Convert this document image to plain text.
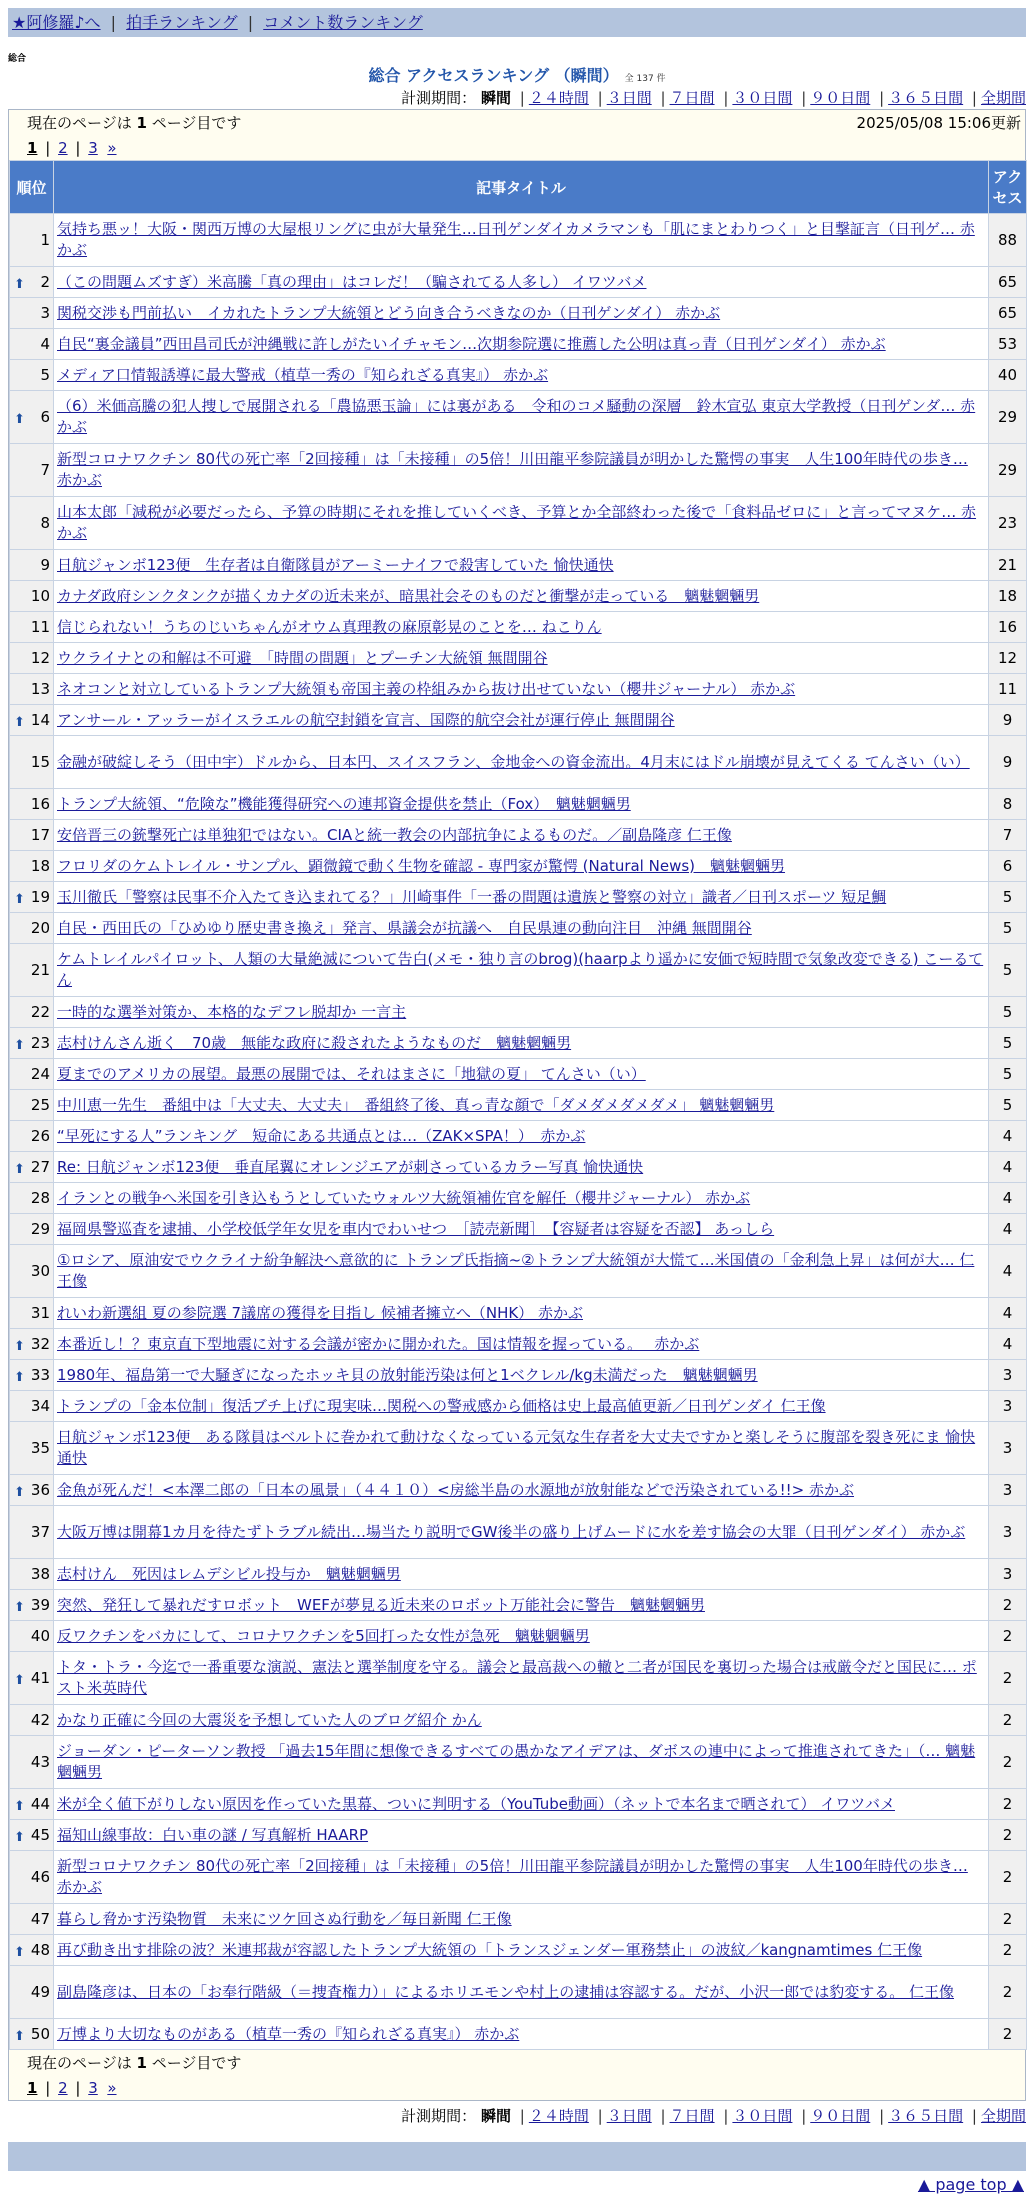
★阿修羅♪へ | 拍手ランキング | コメント数ランキング
総合
総合 アクセスランキング （瞬間） 全 137 件
計測期間： 瞬間 | ２４時間 | ３日間 | ７日間 | ３０日間 | ９０日間 | ３６５日間 | 全期間
現在のページは 1 ページ目です	2025/05/08 15:06更新
1 | 2 | 3 »
順位	記事タイトル	アクセス
1	気持ち悪ッ！大阪・関西万博の大屋根リングに虫が大量発生…日刊ゲンダイカメラマンも「肌にまとわりつく」と目撃証言（日刊ゲ… 赤かぶ	88

⬆ 2	（この問題ムズすぎ）米高騰「真の理由」はコレだ！（騙されてる人多し） イワツバメ	65
3	関税交渉も門前払い　イカれたトランプ大統領とどう向き合うべきなのか（日刊ゲンダイ） 赤かぶ	65
4	自民“裏金議員”西田昌司氏が沖縄戦に許しがたいイチャモン…次期参院選に推薦した公明は真っ青（日刊ゲンダイ） 赤かぶ	53
5	メディア口情報誘導に最大警戒（植草一秀の『知られざる真実』） 赤かぶ	40

⬆ 6	（6）米価高騰の犯人捜しで展開される「農協悪玉論」には裏がある　令和のコメ騒動の深層　鈴木宣弘 東京大学教授（日刊ゲンダ… 赤かぶ	29
7	新型コロナワクチン 80代の死亡率「2回接種」は「未接種」の5倍！川田龍平参院議員が明かした驚愕の事実　人生100年時代の歩き… 赤かぶ	29
8	山本太郎「減税が必要だったら、予算の時期にそれを推していくべき、予算とか全部終わった後で「食料品ゼロに」と言ってマヌケ… 赤かぶ	23
9	日航ジャンボ123便　生存者は自衛隊員がアーミーナイフで殺害していた 愉快通快	21
10	カナダ政府シンクタンクが描くカナダの近未来が、暗黒社会そのものだと衝撃が走っている　魑魅魍魎男	18
11	信じられない！うちのじいちゃんがオウム真理教の麻原彰晃のことを… ねこりん	16
12	ウクライナとの和解は不可避　「時間の問題」とプーチン大統領 無間開谷	12
13	ネオコンと対立しているトランプ大統領も帝国主義の枠組みから抜け出せていない（櫻井ジャーナル） 赤かぶ	11

⬆ 14	アンサール・アッラーがイスラエルの航空封鎖を宣言、国際的航空会社が運行停止 無間開谷	9
15	金融が破綻しそう（田中宇）ドルから、日本円、スイスフラン、金地金への資金流出。4月末にはドル崩壊が見えてくる てんさい（い）	9
16	トランプ大統領、“危険な”機能獲得研究への連邦資金提供を禁止（Fox）　魑魅魍魎男	8
17	安倍晋三の銃撃死亡は単独犯ではない。CIAと統一教会の内部抗争によるものだ。／副島隆彦 仁王像	7
18	フロリダのケムトレイル・サンプル、顕微鏡で動く生物を確認 - 専門家が驚愕 (Natural News)　魑魅魍魎男	6

⬆ 19	玉川徹氏「警察は民事不介入たてき込まれてる？」川崎事件「一番の問題は遺族と警察の対立」識者／日刊スポーツ 短足鯛	5
20	自民・西田氏の「ひめゆり歴史書き換え」発言、県議会が抗議へ　自民県連の動向注目　沖縄 無間開谷	5
21	ケムトレイルパイロット、人類の大量絶滅について告白(メモ・独り言のbrog)(haarpより遥かに安価で短時間で気象改変できる) こーるてん	5
22	一時的な選挙対策か、本格的なデフレ脱却か 一言主	5

⬆ 23	志村けんさん逝く　70歳　無能な政府に殺されたようなものだ　魑魅魍魎男	5
24	夏までのアメリカの展望。最悪の展開では、それはまさに「地獄の夏」 てんさい（い）	5
25	中川恵一先生　番組中は「大丈夫、大丈夫」　番組終了後、真っ青な顔で「ダメダメダメダメ」 魑魅魍魎男	5
26	“早死にする人”ランキング　短命にある共通点とは…（ZAK×SPA！）　赤かぶ	4

⬆ 27	Re: 日航ジャンボ123便　垂直尾翼にオレンジエアが刺さっているカラー写真 愉快通快	4
28	イランとの戦争へ米国を引き込もうとしていたウォルツ大統領補佐官を解任（櫻井ジャーナル） 赤かぶ	4
29	福岡県警巡査を逮捕、小学校低学年女児を車内でわいせつ　［読売新聞］　【容疑者は容疑を否認】 あっしら	4
30	①ロシア、原油安でウクライナ紛争解決へ意欲的に トランプ氏指摘~②トランプ大統領が大慌て…米国債の「金利急上昇」は何が大… 仁王像	4
31	れいわ新選組 夏の参院選 7議席の獲得を目指し 候補者擁立へ（NHK） 赤かぶ	4

⬆ 32	本番近し！？東京直下型地震に対する会議が密かに開かれた。国は情報を握っている。　 赤かぶ	4

⬆ 33	1980年、福島第一で大騒ぎになったホッキ貝の放射能汚染は何と1ベクレル/kg未満だった　魑魅魍魎男	3
34	トランプの「金本位制」復活ブチ上げに現実味…関税への警戒感から価格は史上最高値更新／日刊ゲンダイ 仁王像	3
35	日航ジャンボ123便　ある隊員はベルトに巻かれて動けなくなっている元気な生存者を大丈夫ですかと楽しそうに腹部を裂き死にま 愉快通快	3

⬆ 36	金魚が死んだ！<本澤二郎の「日本の風景」（４４１０）<房総半島の水源地が放射能などで汚染されている!!> 赤かぶ	3
37	大阪万博は開幕1カ月を待たずトラブル続出…場当たり説明でGW後半の盛り上げムードに水を差す協会の大罪（日刊ゲンダイ） 赤かぶ	3
38	志村けん　死因はレムデシビル投与か　魑魅魍魎男	3

⬆ 39	突然、発狂して暴れだすロボット　WEFが夢見る近未来のロボット万能社会に警告　魑魅魍魎男	2
40	反ワクチンをバカにして、コロナワクチンを5回打った女性が急死　魑魅魍魎男	2

⬆ 41	トタ・トラ・今迄で一番重要な演説、憲法と選挙制度を守る。議会と最高裁への轍と二者が国民を裏切った場合は戒厳令だと国民に… ポスト米英時代	2
42	かなり正確に今回の大震災を予想していた人のブログ紹介 かん	2
43	ジョーダン・ピーターソン教授 「過去15年間に想像できるすべての愚かなアイデアは、ダボスの連中によって推進されてきた」（… 魑魅魍魎男	2

⬆ 44	米が全く値下がりしない原因を作っていた黒幕、ついに判明する（YouTube動画）（ネットで本名まで晒されて） イワツバメ	2

⬆ 45	福知山線事故：白い車の謎 / 写真解析 HAARP	2
46	新型コロナワクチン 80代の死亡率「2回接種」は「未接種」の5倍！川田龍平参院議員が明かした驚愕の事実　人生100年時代の歩き… 赤かぶ	2
47	暮らし脅かす汚染物質　未来にツケ回さぬ行動を／毎日新聞 仁王像	2

⬆ 48	再び動き出す排除の波？米連邦裁が容認したトランプ大統領の「トランスジェンダー軍務禁止」の波紋／kangnamtimes 仁王像	2
49	副島隆彦は、日本の「お奉行階級（＝捜査権力）」によるホリエモンや村上の逮捕は容認する。だが、小沢一郎では豹変する。 仁王像	2

⬆ 50	万博より大切なものがある（植草一秀の『知られざる真実』） 赤かぶ	2
現在のページは 1 ページ目です
1 | 2 | 3 »
計測期間： 瞬間 | ２４時間 | ３日間 | ７日間 | ３０日間 | ９０日間 | ３６５日間 | 全期間
▲ page top ▲
